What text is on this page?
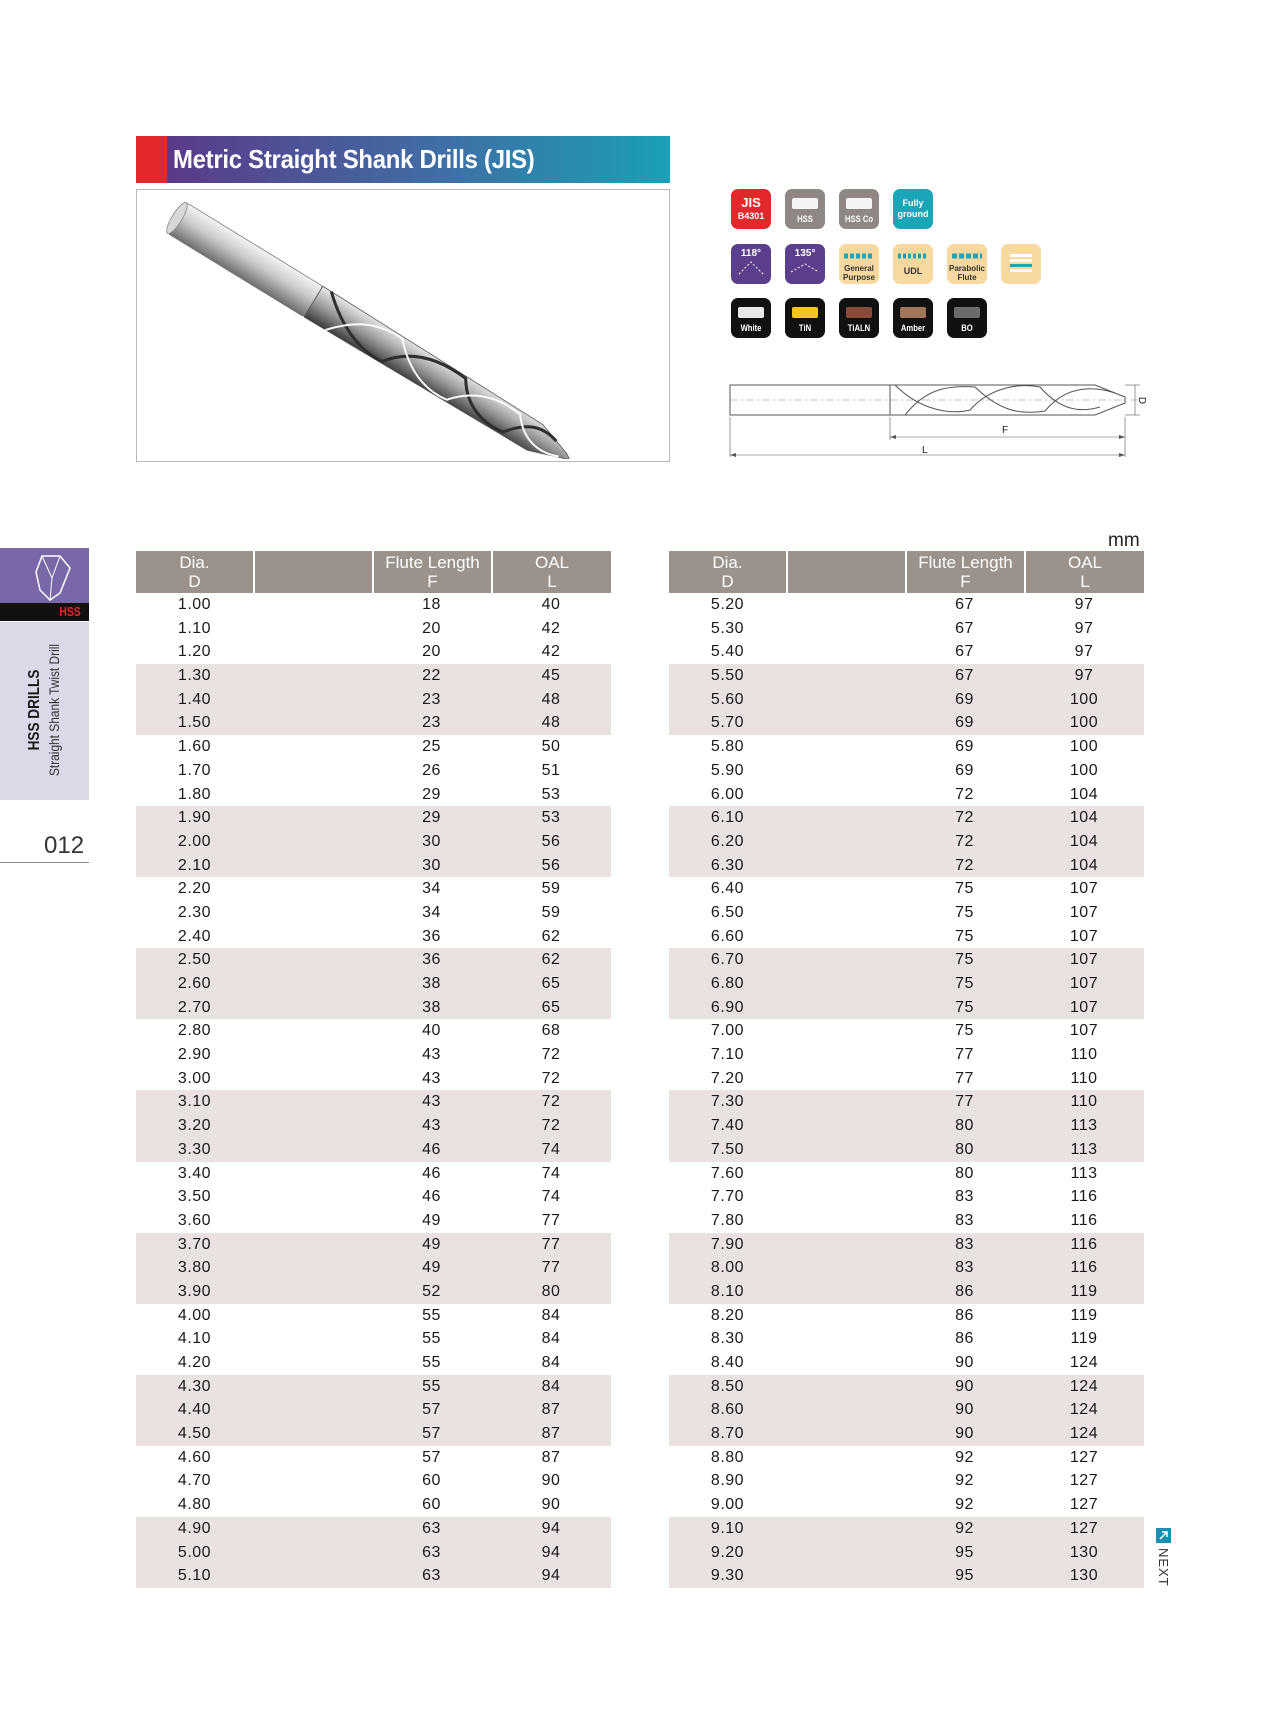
Metric Straight Shank Drills (JIS)
JIS
B4301	HSS	HSS Co
Fully
ground
118°	135°
General
Purpose
UDL	Parabolic
Flute
White	TiN	TiALN	Amber	BO
D
F
L
HSS
HSS DRILLS Straight Shank Twist Drill
012
mm
Dia.
D
Flute Length
F
OAL
L
1.00	18	40
1.10	20	42
1.20	20	42
1.30	22	45
1.40	23	48
1.50	23	48
1.60	25	50
1.70	26	51
1.80	29	53
1.90	29	53
2.00	30	56
2.10	30	56
2.20	34	59
2.30	34	59
2.40	36	62
2.50	36	62
2.60	38	65
2.70	38	65
2.80	40	68
2.90	43	72
3.00	43	72
3.10	43	72
3.20	43	72
3.30	46	74
3.40	46	74
3.50	46	74
3.60	49	77
3.70	49	77
3.80	49	77
3.90	52	80
4.00	55	84
4.10	55	84
4.20	55	84
4.30	55	84
4.40	57	87
4.50	57	87
4.60	57	87
4.70	60	90
4.80	60	90
4.90	63	94
5.00	63	94
5.10	63	94
Dia.
D
Flute Length
F
OAL
L
5.20	67	97
5.30	67	97
5.40	67	97
5.50	67	97
5.60	69	100
5.70	69	100
5.80	69	100
5.90	69	100
6.00	72	104
6.10	72	104
6.20	72	104
6.30	72	104
6.40	75	107
6.50	75	107
6.60	75	107
6.70	75	107
6.80	75	107
6.90	75	107
7.00	75	107
7.10	77	110
7.20	77	110
7.30	77	110
7.40	80	113
7.50	80	113
7.60	80	113
7.70	83	116
7.80	83	116
7.90	83	116
8.00	83	116
8.10	86	119
8.20	86	119
8.30	86	119
8.40	90	124
8.50	90	124
8.60	90	124
8.70	90	124
8.80	92	127
8.90	92	127
9.00	92	127
9.10	92	127
9.20	95	130
9.30	95	130	NEXT
